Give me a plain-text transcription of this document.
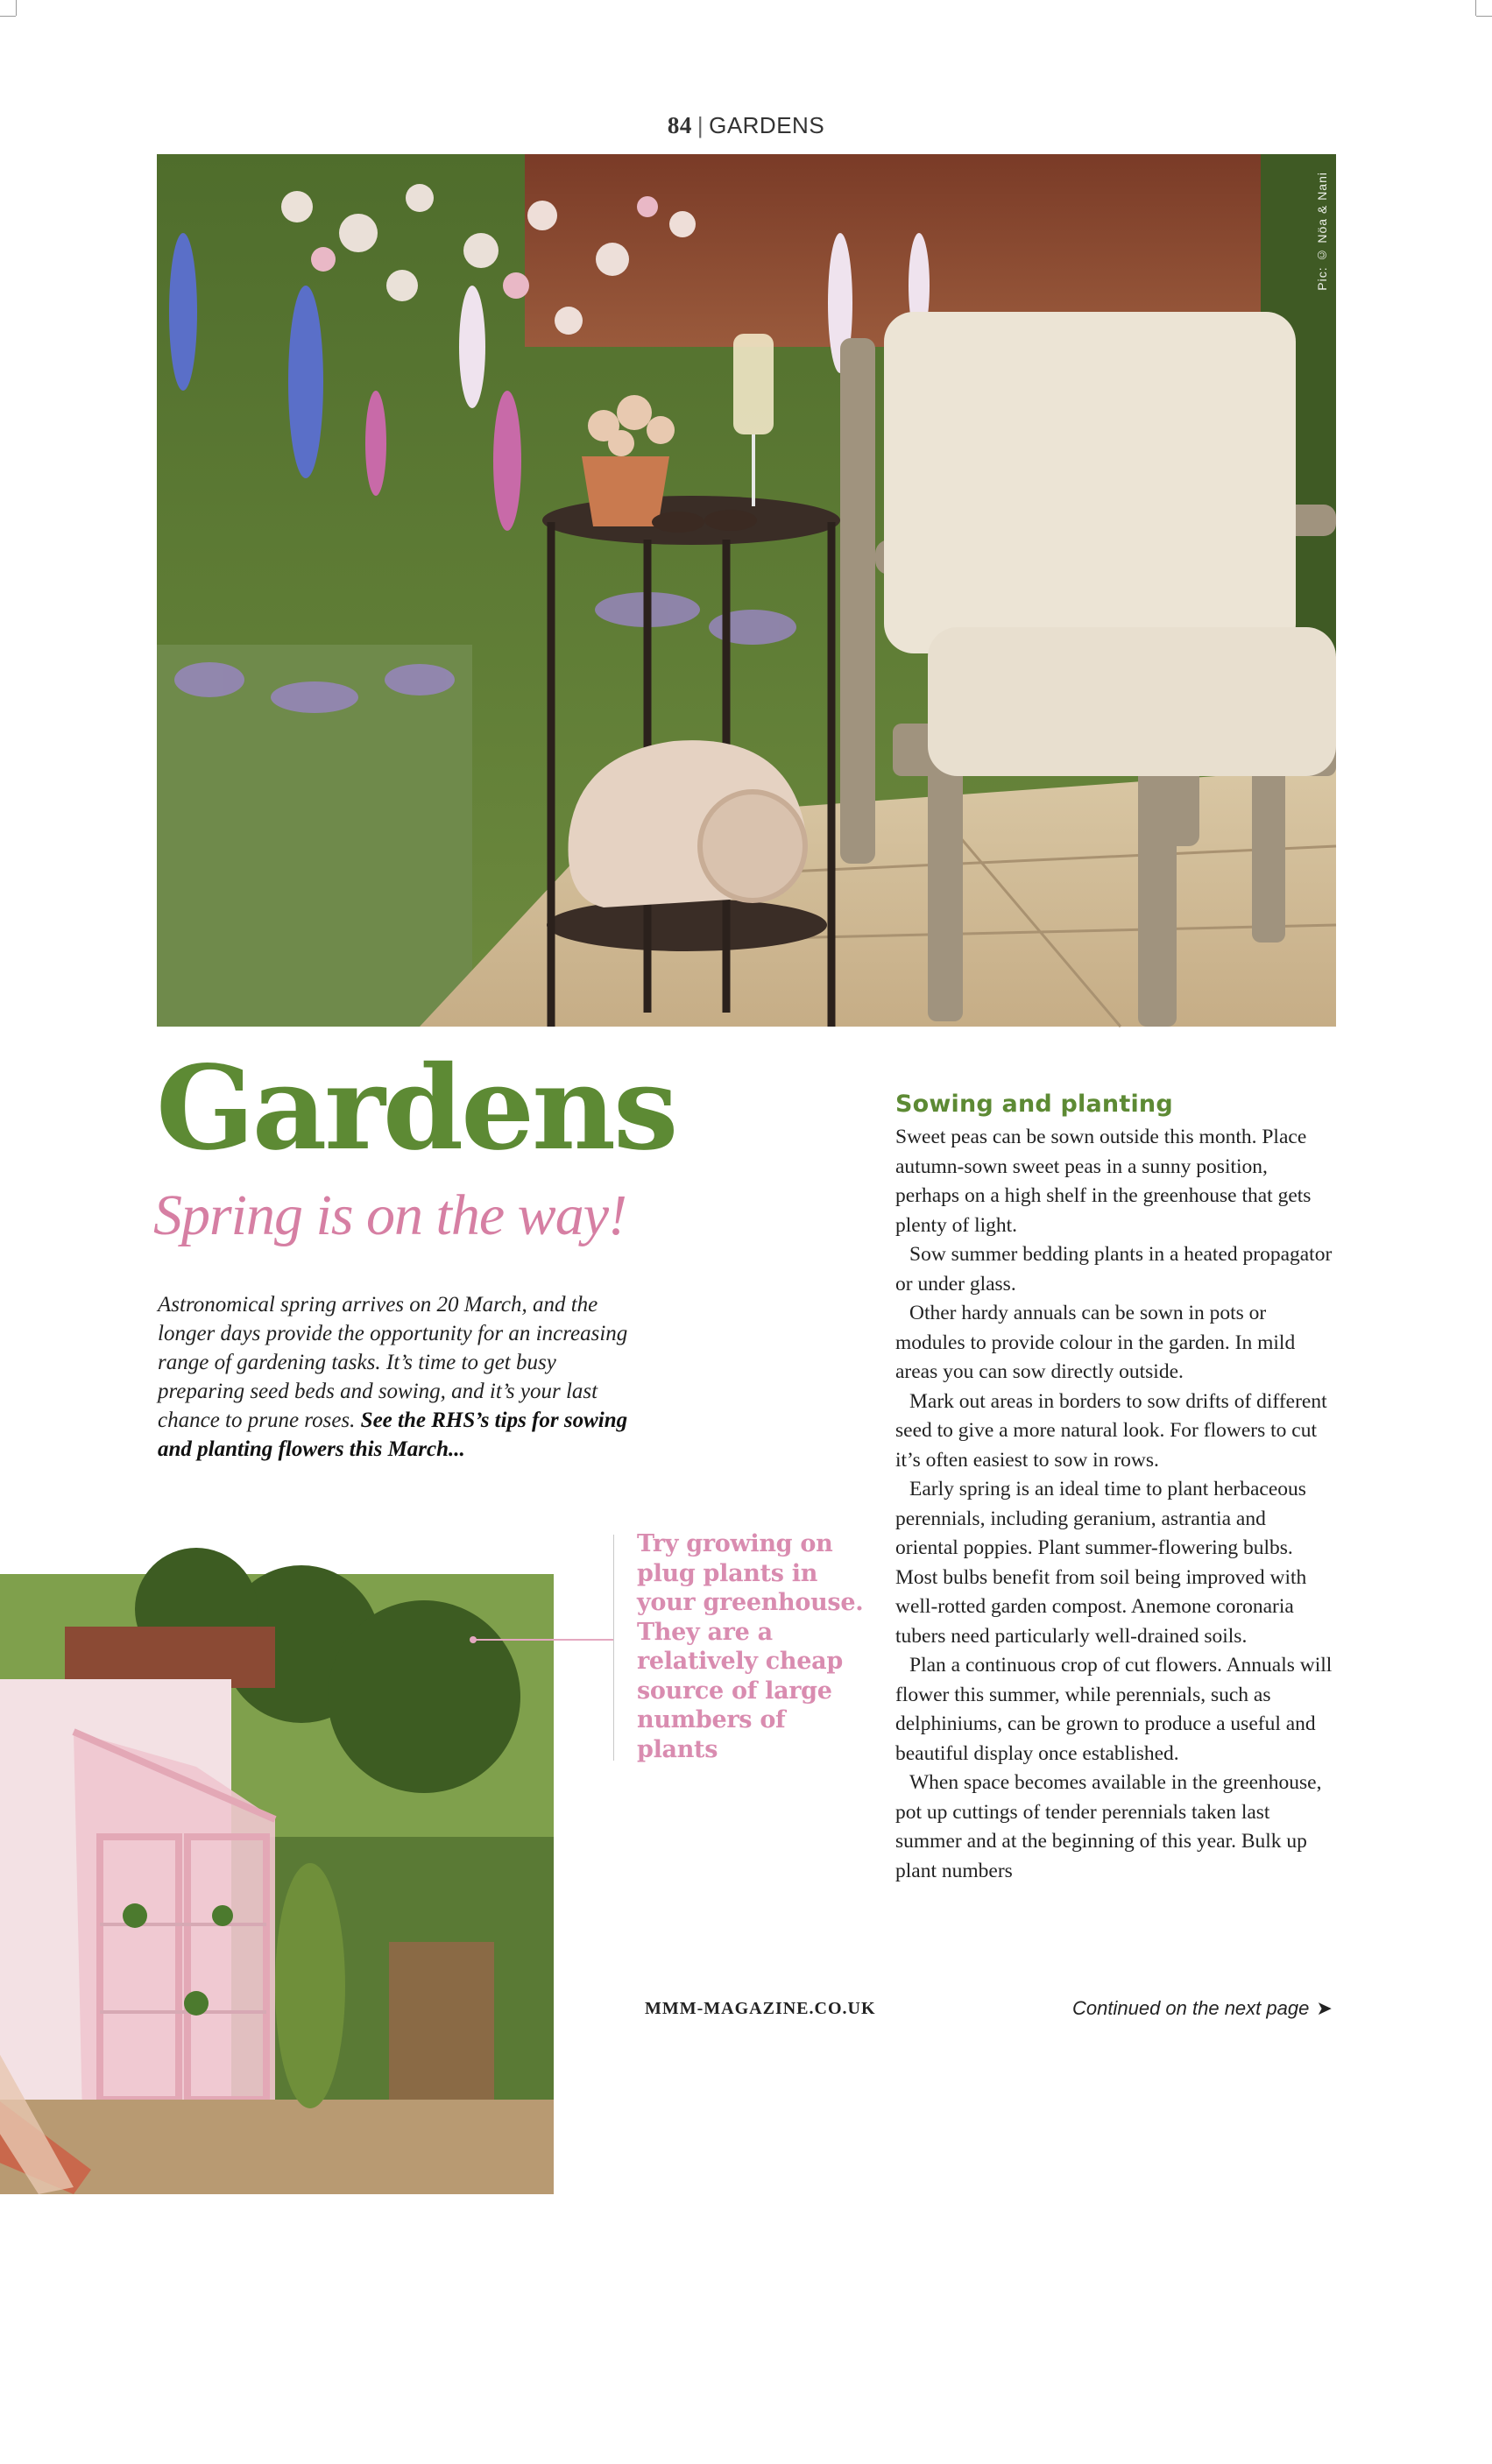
84 | GARDENS
Pic: © Nöa & Nani
Gardens
Spring is on the way!
Astronomical spring arrives on 20 March, and the longer days provide the opportunity for an increasing range of gardening tasks. It’s time to get busy preparing seed beds and sowing, and it’s your last chance to prune roses. See the RHS’s tips for sowing and planting flowers this March...
Pic: fo
Try growing on plug plants in your greenhouse. They are a relatively cheap source of large numbers of plants
Sowing and planting

Sweet peas can be sown outside this month. Place autumn-sown sweet peas in a sunny position, perhaps on a high shelf in the greenhouse that gets plenty of light.

Sow summer bedding plants in a heated propagator or under glass.

Other hardy annuals can be sown in pots or modules to provide colour in the garden. In mild areas you can sow directly outside.

Mark out areas in borders to sow drifts of different seed to give a more natural look. For flowers to cut it’s often easiest to sow in rows.

Early spring is an ideal time to plant herbaceous perennials, including geranium, astrantia and oriental poppies. Plant summer-flowering bulbs. Most bulbs benefit from soil being improved with well-rotted garden compost. Anemone coronaria tubers need particularly well-drained soils.

Plan a continuous crop of cut flowers. Annuals will flower this summer, while perennials, such as delphiniums, can be grown to produce a useful and beautiful display once established.

When space becomes available in the greenhouse, pot up cuttings of tender perennials taken last summer and at the beginning of this year. Bulk up plant numbers

MMM-MAGAZINE.CO.UK	Continued on the next page ➤
